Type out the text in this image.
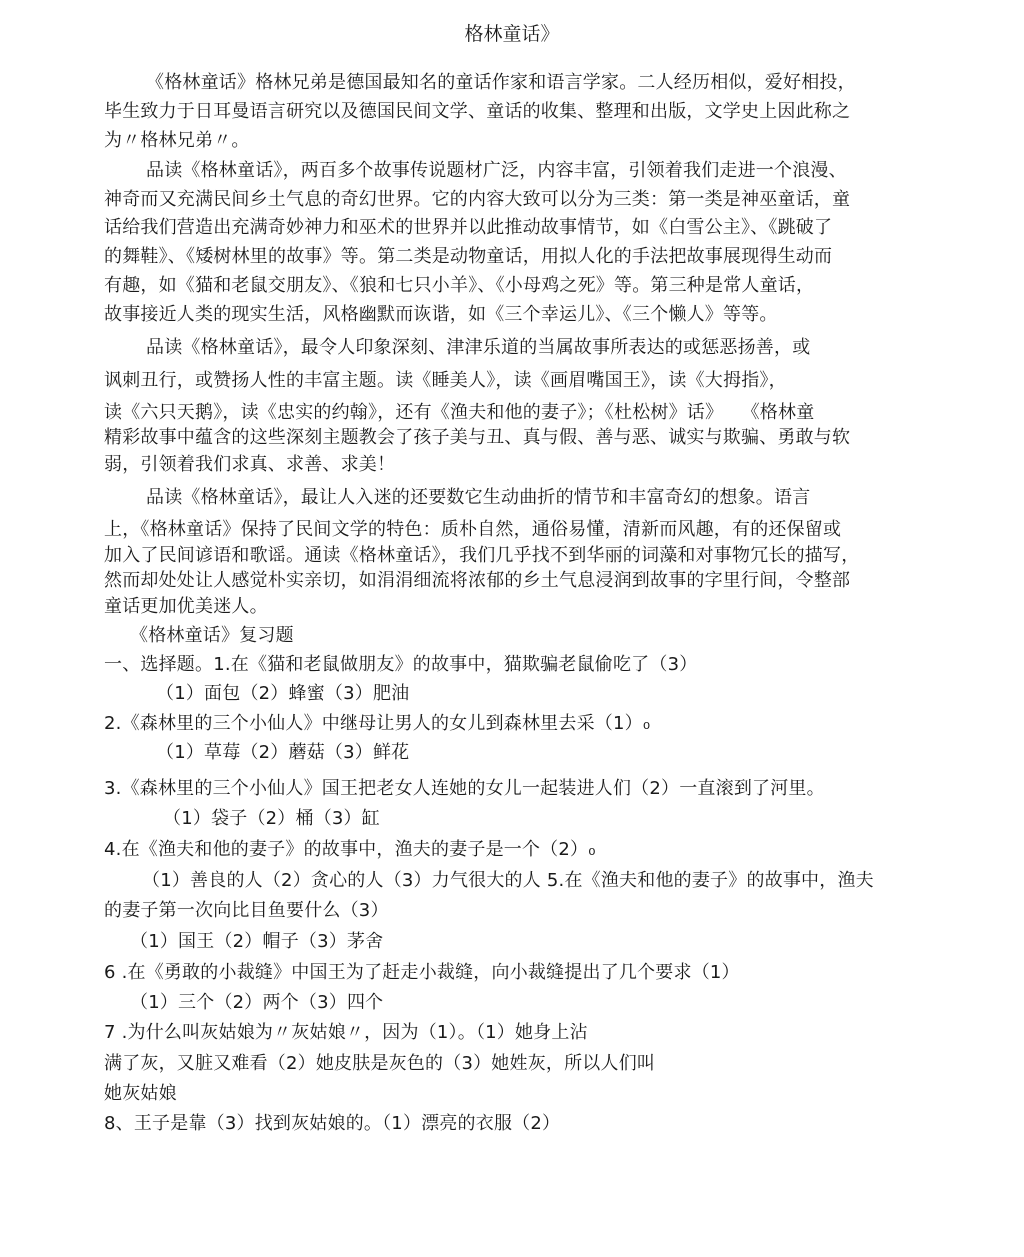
格林童话》
《格林童话》格林兄弟是德国最知名的童话作家和语言学家。二人经历相似，爱好相投，
毕生致力于日耳曼语言研究以及德国民间文学、童话的收集、整理和出版，文学史上因此称之
为〃格林兄弟〃。
品读《格林童话》，两百多个故事传说题材广泛，内容丰富，引领着我们走进一个浪漫、
神奇而又充满民间乡土气息的奇幻世界。它的内容大致可以分为三类：第一类是神巫童话，童
话给我们营造出充满奇妙神力和巫术的世界并以此推动故事情节，如《白雪公主》、《跳破了
的舞鞋》、《矮树林里的故事》等。第二类是动物童话，用拟人化的手法把故事展现得生动而
有趣，如《猫和老鼠交朋友》、《狼和七只小羊》、《小母鸡之死》等。第三种是常人童话，
故事接近人类的现实生活，风格幽默而诙谐，如《三个幸运儿》、《三个懒人》等等。
品读《格林童话》，最令人印象深刻、津津乐道的当属故事所表达的或惩恶扬善，或
讽刺丑行，或赞扬人性的丰富主题。读《睡美人》，读《画眉嘴国王》，读《大拇指》，
读《六只天鹅》，读《忠实的约翰》，还有《渔夫和他的妻子》；《杜松树》话》　　《格林童
精彩故事中蕴含的这些深刻主题教会了孩子美与丑、真与假、善与恶、诚实与欺骗、勇敢与软
弱，引领着我们求真、求善、求美！
品读《格林童话》，最让人入迷的还要数它生动曲折的情节和丰富奇幻的想象。语言
上，《格林童话》保持了民间文学的特色：质朴自然，通俗易懂，清新而风趣，有的还保留或
加入了民间谚语和歌谣。通读《格林童话》，我们几乎找不到华丽的词藻和对事物冗长的描写，
然而却处处让人感觉朴实亲切，如涓涓细流将浓郁的乡土气息浸润到故事的字里行间，令整部
童话更加优美迷人。
《格林童话》复习题
一、选择题。1.在《猫和老鼠做朋友》的故事中，猫欺骗老鼠偷吃了（3）
（1）面包（2）蜂蜜（3）肥油
2.《森林里的三个小仙人》中继母让男人的女儿到森林里去采（1）₀
（1）草莓（2）蘑菇（3）鲜花
3.《森林里的三个小仙人》国王把老女人连她的女儿一起装进人们（2）一直滚到了河里。
（1）袋子（2）桶（3）缸
4.在《渔夫和他的妻子》的故事中，渔夫的妻子是一个（2）₀
（1）善良的人（2）贪心的人（3）力气很大的人 5.在《渔夫和他的妻子》的故事中，渔夫
的妻子第一次向比目鱼要什么（3）
（1）国王（2）帽子（3）茅舍
6 .在《勇敢的小裁缝》中国王为了赶走小裁缝，向小裁缝提出了几个要求（1）
（1）三个（2）两个（3）四个
7 .为什么叫灰姑娘为〃灰姑娘〃，因为（1）。（1）她身上沾
满了灰，又脏又难看（2）她皮肤是灰色的（3）她姓灰，所以人们叫
她灰姑娘
8、王子是靠（3）找到灰姑娘的。（1）漂亮的衣服（2）
